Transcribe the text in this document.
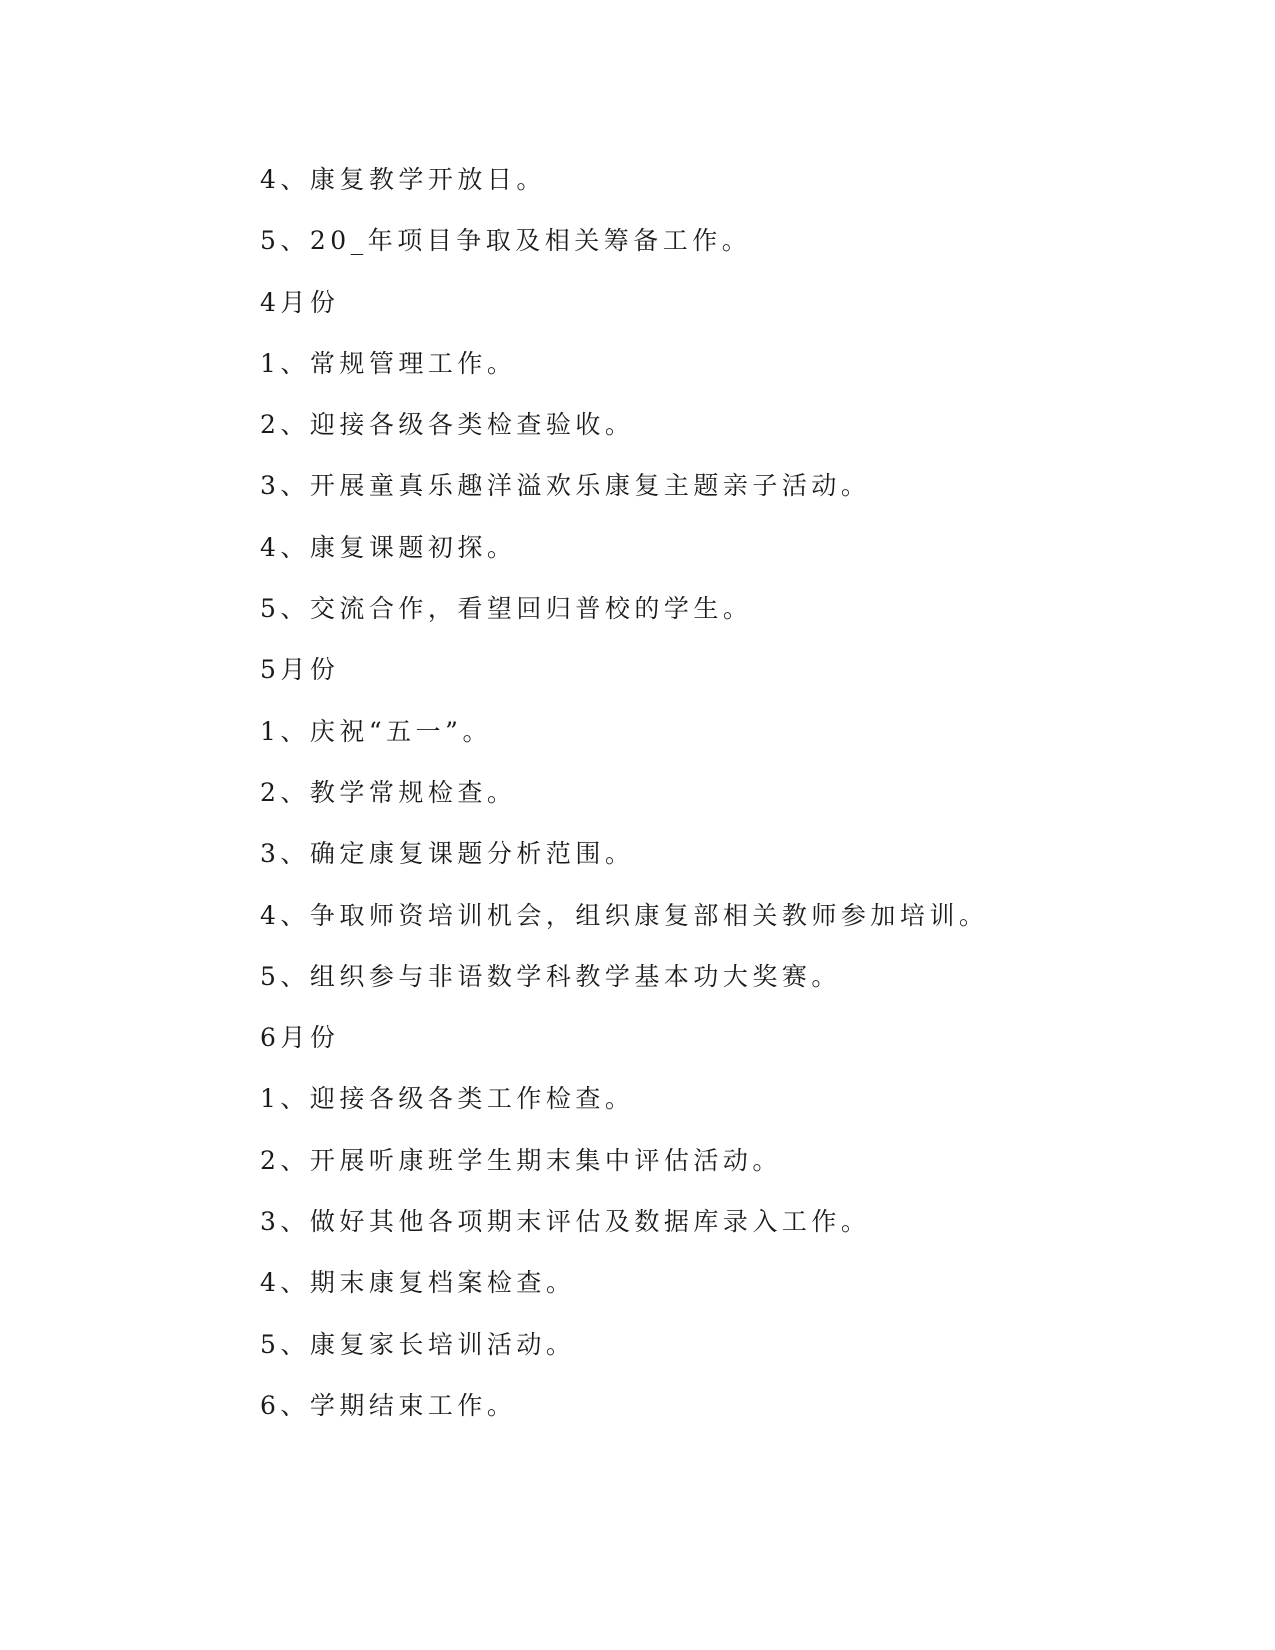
4、康复教学开放日。

5、20_年项目争取及相关筹备工作。

4月份

1、常规管理工作。

2、迎接各级各类检查验收。

3、开展童真乐趣洋溢欢乐康复主题亲子活动。

4、康复课题初探。

5、交流合作，看望回归普校的学生。

5月份

1、庆祝“五一”。

2、教学常规检查。

3、确定康复课题分析范围。

4、争取师资培训机会，组织康复部相关教师参加培训。

5、组织参与非语数学科教学基本功大奖赛。

6月份

1、迎接各级各类工作检查。

2、开展听康班学生期末集中评估活动。

3、做好其他各项期末评估及数据库录入工作。

4、期末康复档案检查。

5、康复家长培训活动。

6、学期结束工作。
